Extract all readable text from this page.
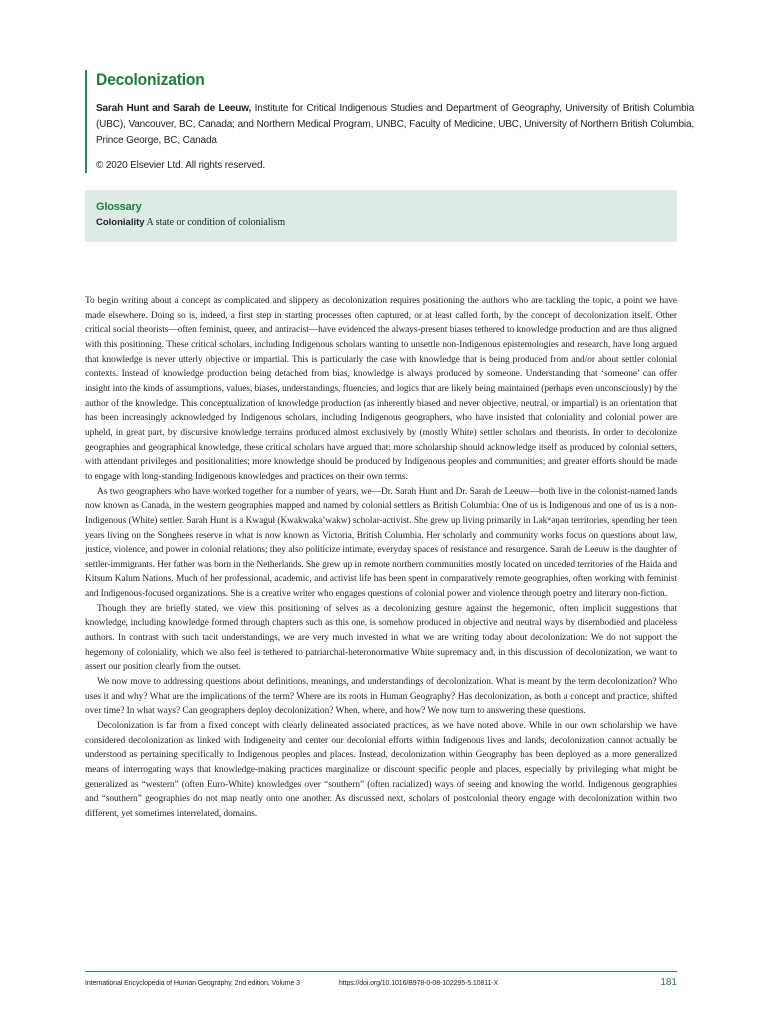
Decolonization

Sarah Hunt and Sarah de Leeuw, Institute for Critical Indigenous Studies and Department of Geography, University of British Columbia (UBC), Vancouver, BC, Canada; and Northern Medical Program, UNBC, Faculty of Medicine, UBC, University of Northern British Columbia, Prince George, BC, Canada

© 2020 Elsevier Ltd. All rights reserved.

Glossary
Coloniality A state or condition of colonialism

To begin writing about a concept as complicated and slippery as decolonization requires positioning the authors who are tackling the topic, a point we have made elsewhere. Doing so is, indeed, a first step in starting processes often captured, or at least called forth, by the concept of decolonization itself. Other critical social theorists—often feminist, queer, and antiracist—have evidenced the always-present biases tethered to knowledge production and are thus aligned with this positioning. These critical scholars, including Indigenous scholars wanting to unsettle non-Indigenous epistemologies and research, have long argued that knowledge is never utterly objective or impartial. This is particularly the case with knowledge that is being produced from and/or about settler colonial contexts. Instead of knowledge production being detached from bias, knowledge is always produced by someone. Understanding that ‘someone’ can offer insight into the kinds of assumptions, values, biases, understandings, fluencies, and logics that are likely being maintained (perhaps even unconsciously) by the author of the knowledge. This conceptualization of knowledge production (as inherently biased and never objective, neutral, or impartial) is an orientation that has been increasingly acknowledged by Indigenous scholars, including Indigenous geographers, who have insisted that coloniality and colonial power are upheld, in great part, by discursive knowledge terrains produced almost exclusively by (mostly White) settler scholars and theorists. In order to decolonize geographies and geographical knowledge, these critical scholars have argued that: more scholarship should acknowledge itself as produced by colonial setters, with attendant privileges and positionalities; more knowledge should be produced by Indigenous peoples and communities; and greater efforts should be made to engage with long-standing Indigenous knowledges and practices on their own terms.

As two geographers who have worked together for a number of years, we—Dr. Sarah Hunt and Dr. Sarah de Leeuw—both live in the colonist-named lands now known as Canada, in the western geographies mapped and named by colonial settlers as British Columbia: One of us is Indigenous and one of us is a non-Indigenous (White) settler. Sarah Hunt is a Kwaguł (Kwakwaka’wakw) scholar-activist. She grew up living primarily in Ləkʷəŋən territories, spending her teen years living on the Songhees reserve in what is now known as Victoria, British Columbia. Her scholarly and community works focus on questions about law, justice, violence, and power in colonial relations; they also politicize intimate, everyday spaces of resistance and resurgence. Sarah de Leeuw is the daughter of settler-immigrants. Her father was born in the Netherlands. She grew up in remote northern communities mostly located on unceded territories of the Haida and Kitsum Kalum Nations. Much of her professional, academic, and activist life has been spent in comparatively remote geographies, often working with feminist and Indigenous-focused organizations. She is a creative writer who engages questions of colonial power and violence through poetry and literary non-fiction.

Though they are briefly stated, we view this positioning of selves as a decolonizing gesture against the hegemonic, often implicit suggestions that knowledge, including knowledge formed through chapters such as this one, is somehow produced in objective and neutral ways by disembodied and placeless authors. In contrast with such tacit understandings, we are very much invested in what we are writing today about decolonization: We do not support the hegemony of coloniality, which we also feel is tethered to patriarchal-heteronormative White supremacy and, in this discussion of decolonization, we want to assert our position clearly from the outset.

We now move to addressing questions about definitions, meanings, and understandings of decolonization. What is meant by the term decolonization? Who uses it and why? What are the implications of the term? Where are its roots in Human Geography? Has decolonization, as both a concept and practice, shifted over time? In what ways? Can geographers deploy decolonization? When, where, and how? We now turn to answering these questions.

Decolonization is far from a fixed concept with clearly delineated associated practices, as we have noted above. While in our own scholarship we have considered decolonization as linked with Indigeneity and center our decolonial efforts within Indigenous lives and lands, decolonization cannot actually be understood as pertaining specifically to Indigenous peoples and places. Instead, decolonization within Geography has been deployed as a more generalized means of interrogating ways that knowledge-making practices marginalize or discount specific people and places, especially by privileging what might be generalized as “western” (often Euro-White) knowledges over “southern” (often racialized) ways of seeing and knowing the world. Indigenous geographies and “southern” geographies do not map neatly onto one another. As discussed next, scholars of postcolonial theory engage with decolonization within two different, yet sometimes interrelated, domains.

International Encyclopedia of Human Geography, 2nd edition, Volume 3	https://doi.org/10.1016/B978-0-08-102295-5.10811-X	181
